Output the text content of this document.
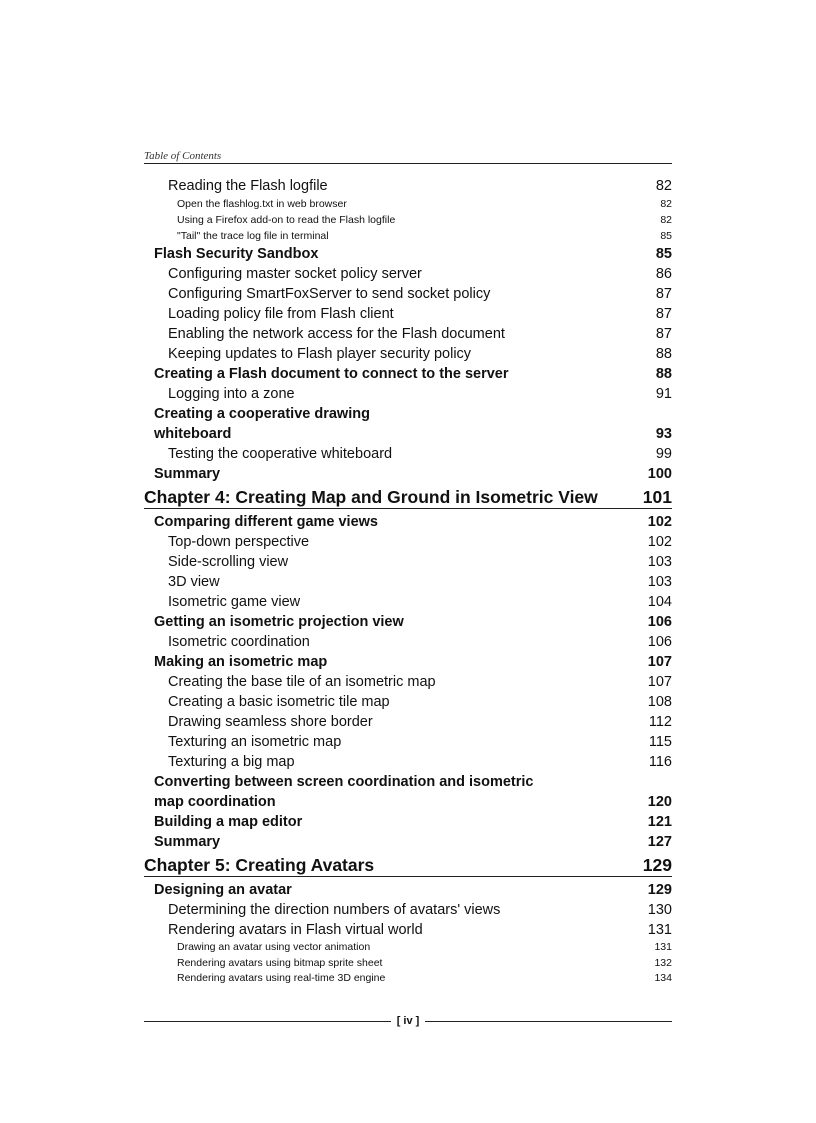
Table of Contents
Reading the Flash logfile	82
Open the flashlog.txt in web browser	82
Using a Firefox add-on to read the Flash logfile	82
"Tail" the trace log file in terminal	85
Flash Security Sandbox	85
Configuring master socket policy server	86
Configuring SmartFoxServer to send socket policy	87
Loading policy file from Flash client	87
Enabling the network access for the Flash document	87
Keeping updates to Flash player security policy	88
Creating a Flash document to connect to the server	88
Logging into a zone	91
Creating a cooperative drawing
whiteboard	93
Testing the cooperative whiteboard	99
Summary	100
Chapter 4: Creating Map and Ground in Isometric View	101
Comparing different game views	102
Top-down perspective	102
Side-scrolling view	103
3D view	103
Isometric game view	104
Getting an isometric projection view	106
Isometric coordination	106
Making an isometric map	107
Creating the base tile of an isometric map	107
Creating a basic isometric tile map	108
Drawing seamless shore border	112
Texturing an isometric map	115
Texturing a big map	116
Converting between screen coordination and isometric
map coordination	120
Building a map editor	121
Summary	127
Chapter 5: Creating Avatars	129
Designing an avatar	129
Determining the direction numbers of avatars' views	130
Rendering avatars in Flash virtual world	131
Drawing an avatar using vector animation	131
Rendering avatars using bitmap sprite sheet	132
Rendering avatars using real-time 3D engine	134
[ iv ]
